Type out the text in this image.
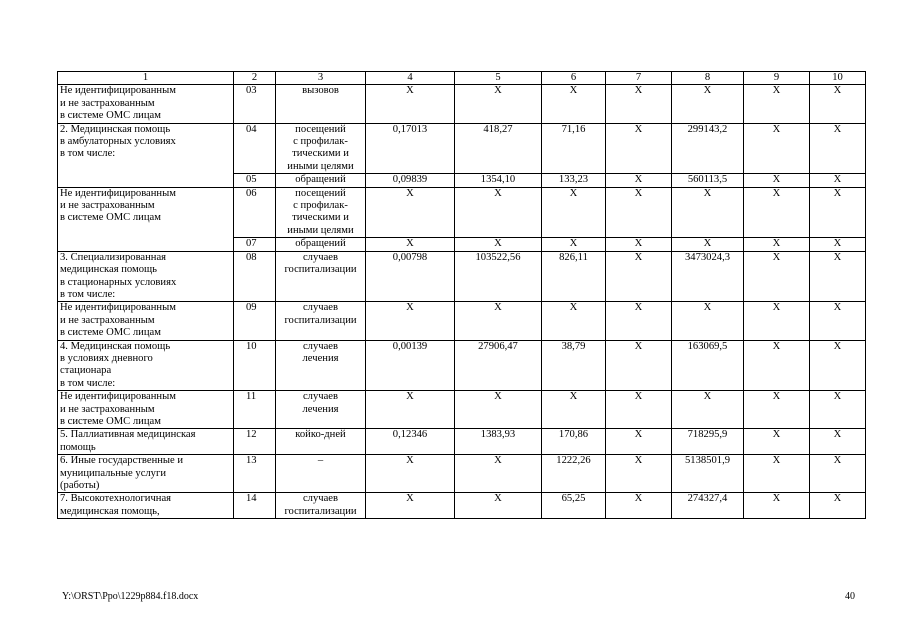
1	2	3	4	5	6	7	8	9	10

Не идентифицированным
и не застрахованным
в системе ОМС лицам	03	вызовов	Х	Х	Х	Х	Х	Х	Х

2. Медицинская помощь
в амбулаторных условиях
в том числе:	04	посещений
с профилак-
тическими и
иными целями	0,17013	418,27	71,16	Х	299143,2	Х	Х
	05	обращений	0,09839	1354,10	133,23	Х	560113,5	Х	Х

Не идентифицированным
и не застрахованным
в системе ОМС лицам	06	посещений
с профилак-
тическими и
иными целями	Х	Х	Х	Х	Х	Х	Х
	07	обращений	Х	Х	Х	Х	Х	Х	Х

3. Специализированная
медицинская помощь
в стационарных условиях
в том числе:	08	случаев
госпитализации	0,00798	103522,56	826,11	Х	3473024,3	Х	Х

Не идентифицированным
и не застрахованным
в системе ОМС лицам	09	случаев
госпитализации	Х	Х	Х	Х	Х	Х	Х

4. Медицинская помощь
в условиях дневного
стационара
в том числе:	10	случаев
лечения	0,00139	27906,47	38,79	Х	163069,5	Х	Х

Не идентифицированным
и не застрахованным
в системе ОМС лицам	11	случаев
лечения	Х	Х	Х	Х	Х	Х	Х

5. Паллиативная медицинская
помощь	12	койко-дней	0,12346	1383,93	170,86	Х	718295,9	Х	Х

6. Иные государственные и
муниципальные услуги
(работы)	13	–	Х	Х	1222,26	Х	5138501,9	Х	Х

7. Высокотехнологичная
медицинская помощь,	14	случаев
госпитализации	Х	Х	65,25	Х	274327,4	Х	Х
Y:\ORST\Ppo\1229p884.f18.docx	40
